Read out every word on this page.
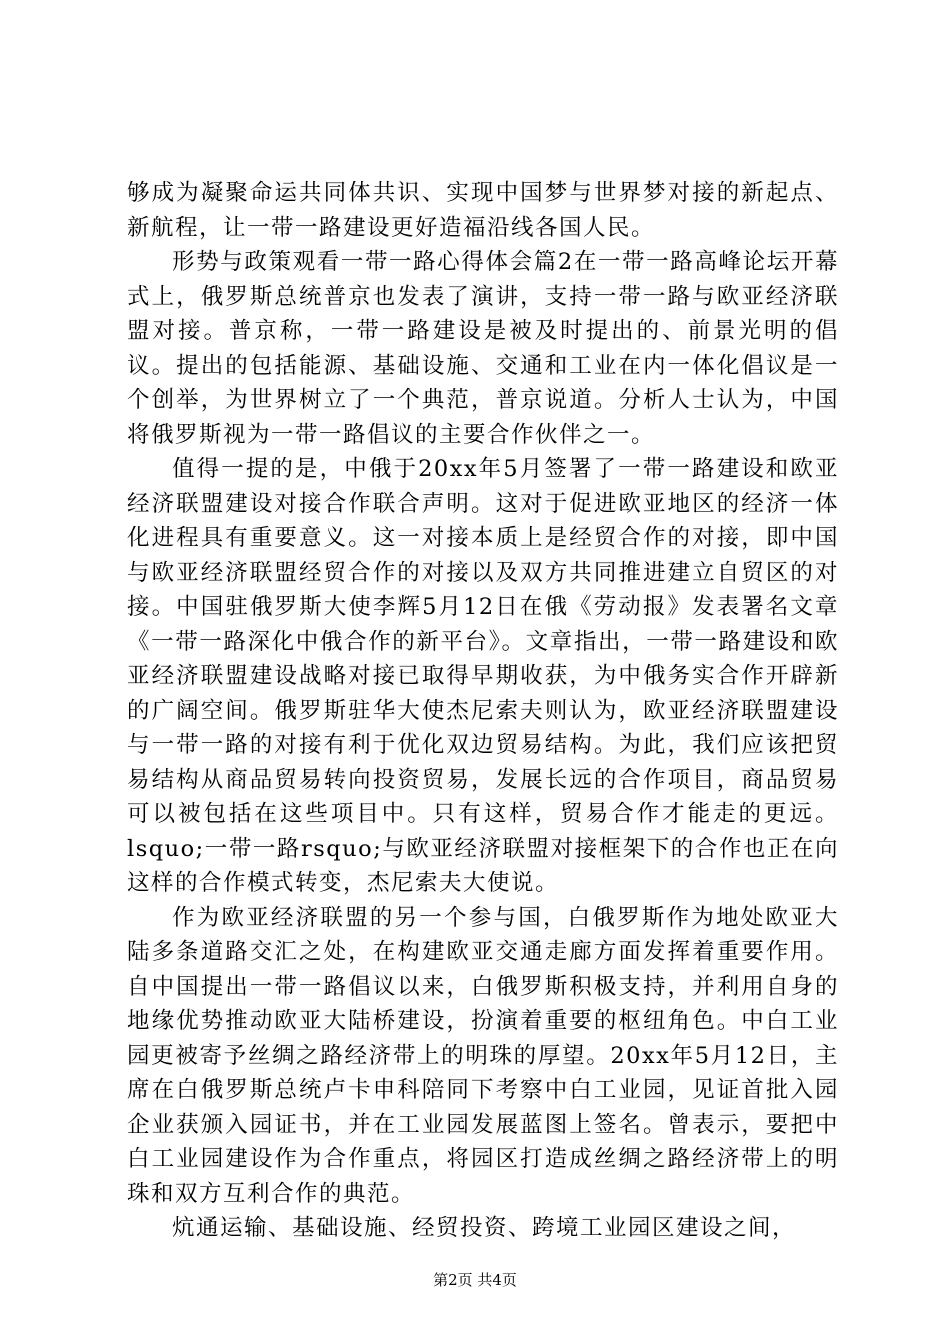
够成为凝聚命运共同体共识、实现中国梦与世界梦对接的新起点、新航程，让一带一路建设更好造福沿线各国人民。

形势与政策观看一带一路心得体会篇2在一带一路高峰论坛开幕式上，俄罗斯总统普京也发表了演讲，支持一带一路与欧亚经济联盟对接。普京称，一带一路建设是被及时提出的、前景光明的倡议。提出的包括能源、基础设施、交通和工业在内一体化倡议是一个创举，为世界树立了一个典范，普京说道。分析人士认为，中国将俄罗斯视为一带一路倡议的主要合作伙伴之一。

值得一提的是，中俄于20xx年5月签署了一带一路建设和欧亚经济联盟建设对接合作联合声明。这对于促进欧亚地区的经济一体化进程具有重要意义。这一对接本质上是经贸合作的对接，即中国与欧亚经济联盟经贸合作的对接以及双方共同推进建立自贸区的对接。中国驻俄罗斯大使李辉5月12日在俄《劳动报》发表署名文章《一带一路深化中俄合作的新平台》。文章指出，一带一路建设和欧亚经济联盟建设战略对接已取得早期收获，为中俄务实合作开辟新的广阔空间。俄罗斯驻华大使杰尼索夫则认为，欧亚经济联盟建设与一带一路的对接有利于优化双边贸易结构。为此，我们应该把贸易结构从商品贸易转向投资贸易，发展长远的合作项目，商品贸易可以被包括在这些项目中。只有这样，贸易合作才能走的更远。lsquo;一带一路rsquo;与欧亚经济联盟对接框架下的合作也正在向这样的合作模式转变，杰尼索夫大使说。

作为欧亚经济联盟的另一个参与国，白俄罗斯作为地处欧亚大陆多条道路交汇之处，在构建欧亚交通走廊方面发挥着重要作用。自中国提出一带一路倡议以来，白俄罗斯积极支持，并利用自身的地缘优势推动欧亚大陆桥建设，扮演着重要的枢纽角色。中白工业园更被寄予丝绸之路经济带上的明珠的厚望。20xx年5月12日，主席在白俄罗斯总统卢卡申科陪同下考察中白工业园，见证首批入园企业获颁入园证书，并在工业园发展蓝图上签名。曾表示，要把中白工业园建设作为合作重点，将园区打造成丝绸之路经济带上的明珠和双方互利合作的典范。

炕通运输、基础设施、经贸投资、跨境工业园区建设之间，

第2页 共4页
